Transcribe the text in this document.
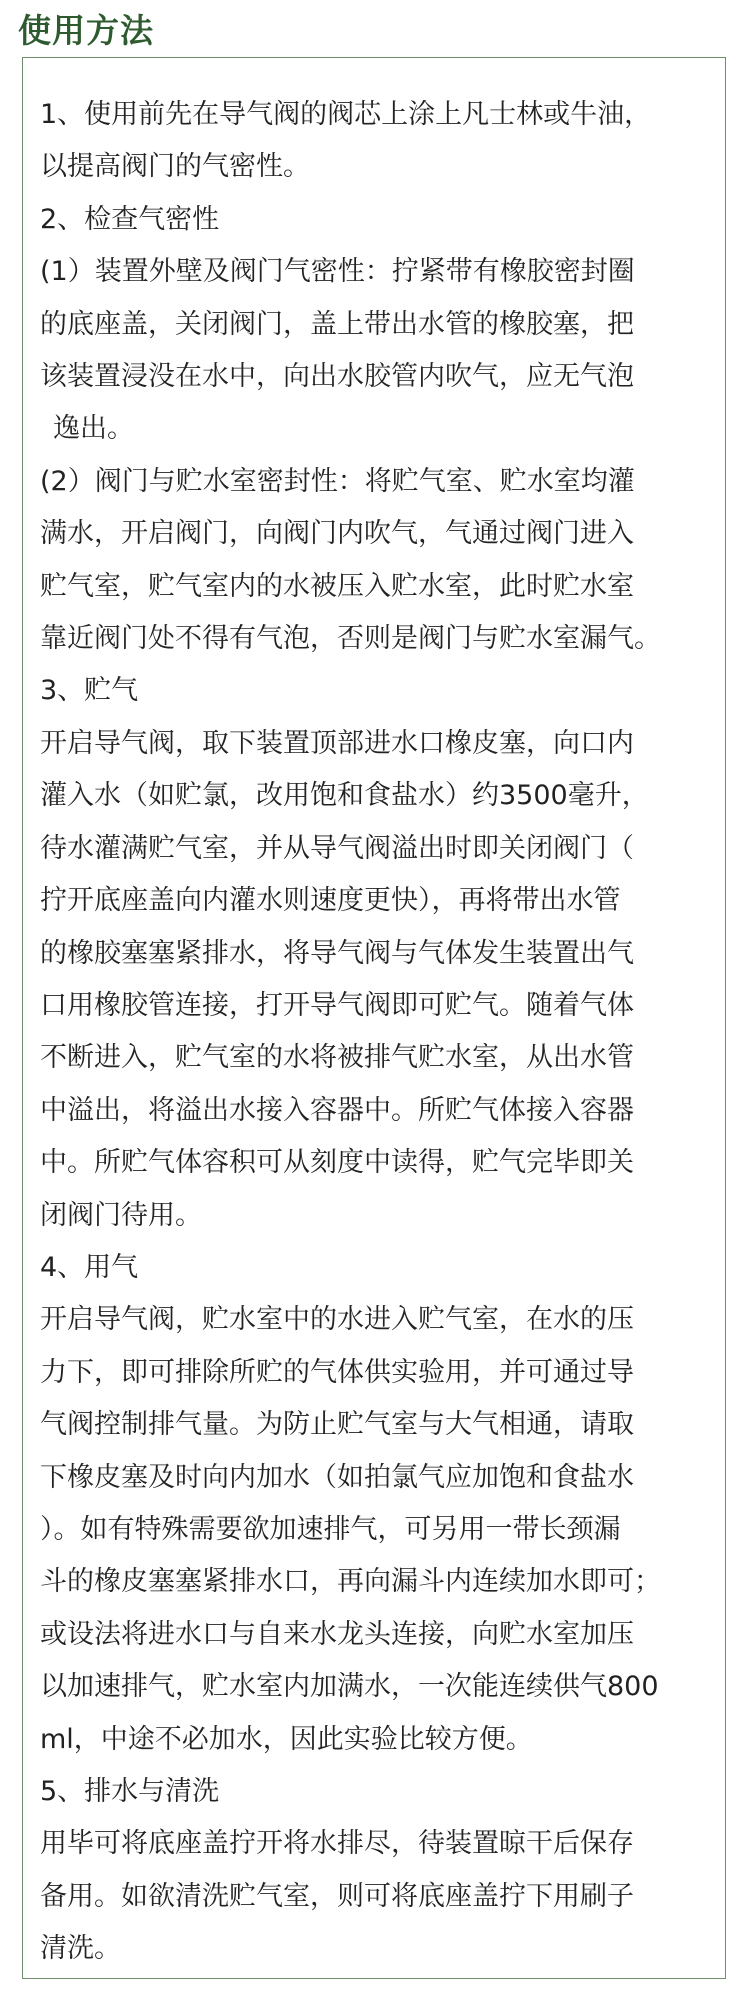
使用方法
1、使用前先在导气阀的阀芯上涂上凡士林或牛油，
以提高阀门的气密性。
2、检查气密性
(1）装置外壁及阀门气密性：拧紧带有橡胶密封圈
的底座盖，关闭阀门，盖上带出水管的橡胶塞，把
该装置浸没在水中，向出水胶管内吹气，应无气泡
逸出。
(2）阀门与贮水室密封性：将贮气室、贮水室均灌
满水，开启阀门，向阀门内吹气，气通过阀门进入
贮气室，贮气室内的水被压入贮水室，此时贮水室
靠近阀门处不得有气泡，否则是阀门与贮水室漏气。
3、贮气
开启导气阀，取下装置顶部进水口橡皮塞，向口内
灌入水（如贮氯，改用饱和食盐水）约3500毫升，
待水灌满贮气室，并从导气阀溢出时即关闭阀门（
拧开底座盖向内灌水则速度更快），再将带出水管
的橡胶塞塞紧排水，将导气阀与气体发生装置出气
口用橡胶管连接，打开导气阀即可贮气。随着气体
不断进入，贮气室的水将被排气贮水室，从出水管
中溢出，将溢出水接入容器中。所贮气体接入容器
中。所贮气体容积可从刻度中读得，贮气完毕即关
闭阀门待用。
4、用气
开启导气阀，贮水室中的水进入贮气室，在水的压
力下，即可排除所贮的气体供实验用，并可通过导
气阀控制排气量。为防止贮气室与大气相通，请取
下橡皮塞及时向内加水（如拍氯气应加饱和食盐水
）。如有特殊需要欲加速排气，可另用一带长颈漏
斗的橡皮塞塞紧排水口，再向漏斗内连续加水即可；
或设法将进水口与自来水龙头连接，向贮水室加压
以加速排气，贮水室内加满水，一次能连续供气800
ml，中途不必加水，因此实验比较方便。
5、排水与清洗
用毕可将底座盖拧开将水排尽，待装置晾干后保存
备用。如欲清洗贮气室，则可将底座盖拧下用刷子
清洗。
